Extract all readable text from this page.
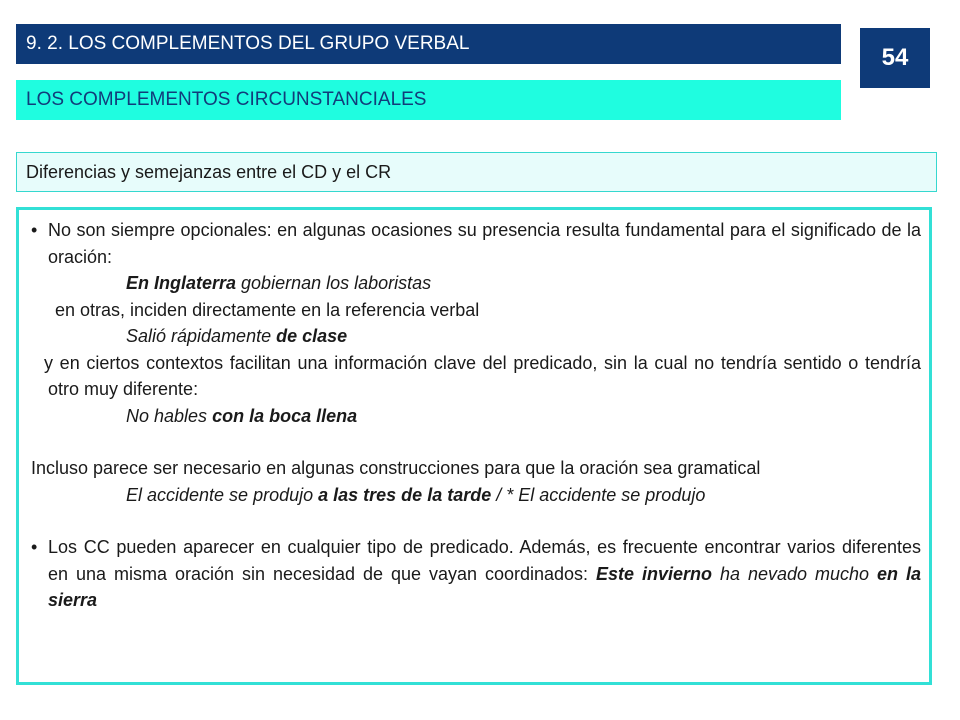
9. 2. LOS COMPLEMENTOS DEL GRUPO VERBAL
54
LOS COMPLEMENTOS CIRCUNSTANCIALES
Diferencias y semejanzas entre el CD y el CR

• No son siempre opcionales: en algunas ocasiones su presencia resulta fundamental para el significado de la oración:

En Inglaterra gobiernan los laboristas

en otras, inciden directamente en la referencia verbal

Salió rápidamente de clase

y en ciertos contextos facilitan una información clave del predicado, sin la cual no tendría sentido o tendría otro muy diferente:

No hables con la boca llena

Incluso parece ser necesario en algunas construcciones para que la oración sea gramatical

El accidente se produjo a las tres de la tarde / * El accidente se produjo

• Los CC pueden aparecer en cualquier tipo de predicado. Además, es frecuente encontrar varios diferentes en una misma oración sin necesidad de que vayan coordinados: Este invierno ha nevado mucho en la sierra
